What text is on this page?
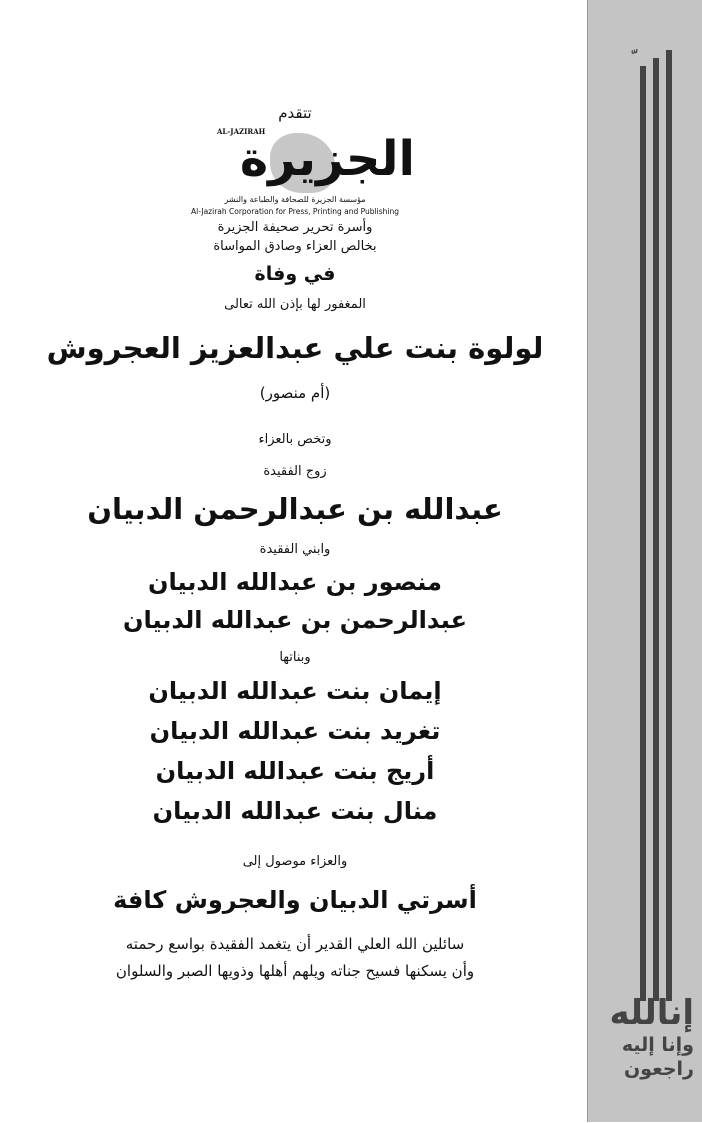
تتقدم
AL-JAZIRAH
الجزيرة
مؤسسة الجزيرة للصحافة والطباعة والنشر
Al-Jazirah Corporation for Press, Printing and Publishing
وأسرة تحرير صحيفة الجزيرة
بخالص العزاء وصادق المواساة
في وفاة
المغفور لها بإذن الله تعالى
لولوة بنت علي عبدالعزيز العجروش
(أم منصور)
وتخص بالعزاء
زوج الفقيدة
عبدالله بن عبدالرحمن الدبيان
وابني الفقيدة
منصور بن عبدالله الدبيان
عبدالرحمن بن عبدالله الدبيان
وبناتها
إيمان بنت عبدالله الدبيان
تغريد بنت عبدالله الدبيان
أريج بنت عبدالله الدبيان
منال بنت عبدالله الدبيان
والعزاء موصول إلى
أسرتي الدبيان والعجروش كافة
سائلين الله العلي القدير أن يتغمد الفقيدة بواسع رحمته
وأن يسكنها فسيح جناته ويلهم أهلها وذويها الصبر والسلوان
إنالله
وإنا إليه
راجعون
